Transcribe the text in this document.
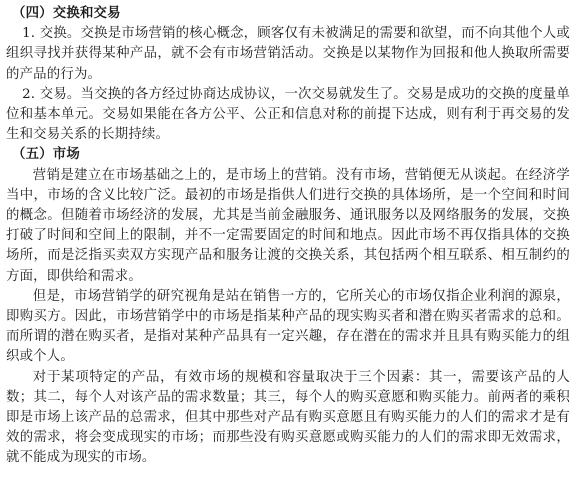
（四）交换和交易

1. 交换。交换是市场营销的核心概念，顾客仅有未被满足的需要和欲望，而不向其他个人或组织寻找并获得某种产品，就不会有市场营销活动。交换是以某物作为回报和他人换取所需要的产品的行为。

2. 交易。当交换的各方经过协商达成协议，一次交易就发生了。交易是成功的交换的度量单位和基本单元。交易如果能在各方公平、公正和信息对称的前提下达成，则有利于再交易的发生和交易关系的长期持续。

（五）市场

营销是建立在市场基础之上的，是市场上的营销。没有市场，营销便无从谈起。在经济学当中，市场的含义比较广泛。最初的市场是指供人们进行交换的具体场所，是一个空间和时间的概念。但随着市场经济的发展，尤其是当前金融服务、通讯服务以及网络服务的发展，交换打破了时间和空间上的限制，并不一定需要固定的时间和地点。因此市场不再仅指具体的交换场所，而是泛指买卖双方实现产品和服务让渡的交换关系，其包括两个相互联系、相互制约的方面，即供给和需求。

但是，市场营销学的研究视角是站在销售一方的，它所关心的市场仅指企业利润的源泉，即购买方。因此，市场营销学中的市场是指某种产品的现实购买者和潜在购买者需求的总和。而所谓的潜在购买者，是指对某种产品具有一定兴趣，存在潜在的需求并且具有购买能力的组织或个人。

对于某项特定的产品，有效市场的规模和容量取决于三个因素：其一，需要该产品的人数；其二，每个人对该产品的需求数量；其三，每个人的购买意愿和购买能力。前两者的乘积即是市场上该产品的总需求，但其中那些对产品有购买意愿且有购买能力的人们的需求才是有效的需求，将会变成现实的市场；而那些没有购买意愿或购买能力的人们的需求即无效需求，就不能成为现实的市场。
